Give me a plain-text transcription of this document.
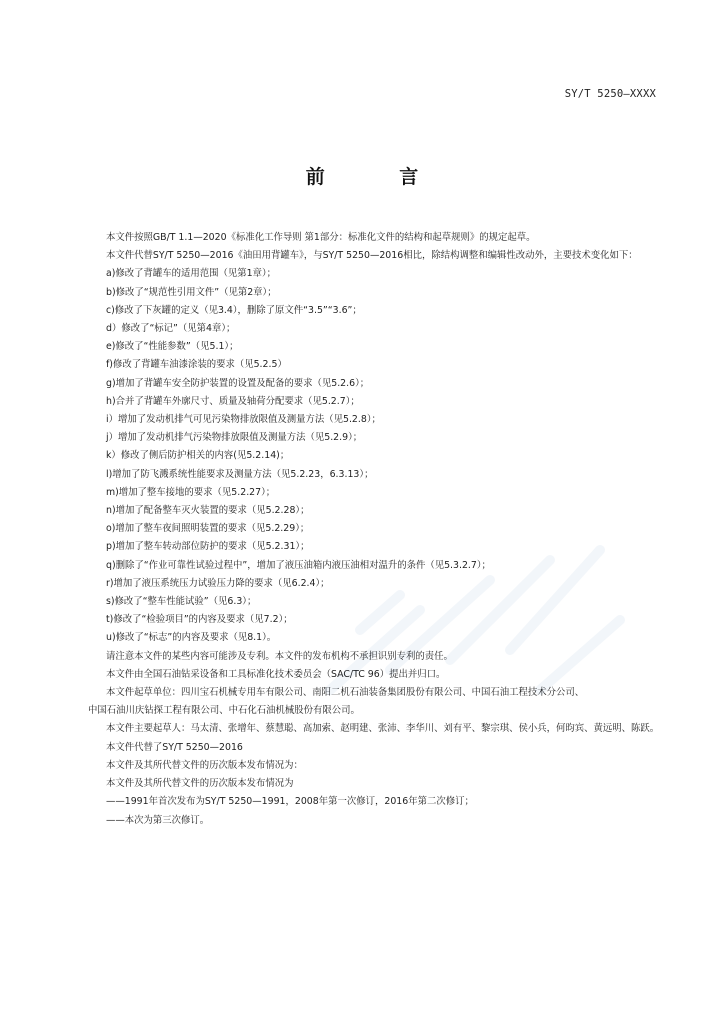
SY/T 5250—XXXX
前 言

本文件按照GB/T 1.1—2020《标准化工作导则 第1部分：标准化文件的结构和起草规则》的规定起草。

本文件代替SY/T 5250—2016《油田用背罐车》，与SY/T 5250—2016相比，除结构调整和编辑性改动外，主要技术变化如下：

a)修改了背罐车的适用范围（见第1章）；

b)修改了“规范性引用文件”（见第2章）；

c)修改了下灰罐的定义（见3.4），删除了原文件“3.5”“3.6”；

d）修改了“标记”（见第4章）；

e)修改了“性能参数”（见5.1）；

f)修改了背罐车油漆涂装的要求（见5.2.5）

g)增加了背罐车安全防护装置的设置及配备的要求（见5.2.6）；

h)合并了背罐车外廓尺寸、质量及轴荷分配要求（见5.2.7）；

i）增加了发动机排气可见污染物排放限值及测量方法（见5.2.8）；

j）增加了发动机排气污染物排放限值及测量方法（见5.2.9）；

k）修改了侧后防护相关的内容(见5.2.14)；

l)增加了防飞溅系统性能要求及测量方法（见5.2.23，6.3.13）；

m)增加了整车接地的要求（见5.2.27）；

n)增加了配备整车灭火装置的要求（见5.2.28）；

o)增加了整车夜间照明装置的要求（见5.2.29）；

p)增加了整车转动部位防护的要求（见5.2.31）；

q)删除了“作业可靠性试验过程中”，增加了液压油箱内液压油相对温升的条件（见5.3.2.7）；

r)增加了液压系统压力试验压力降的要求（见6.2.4）；

s)修改了“整车性能试验”（见6.3）；

t)修改了“检验项目”的内容及要求（见7.2）；

u)修改了“标志”的内容及要求（见8.1）。

请注意本文件的某些内容可能涉及专利。本文件的发布机构不承担识别专利的责任。

本文件由全国石油钻采设备和工具标准化技术委员会（SAC/TC 96）提出并归口。

本文件起草单位：四川宝石机械专用车有限公司、南阳二机石油装备集团股份有限公司、中国石油工程技术分公司、

中国石油川庆钻探工程有限公司、中石化石油机械股份有限公司。

本文件主要起草人：马太清、张增年、蔡慧聪、高加索、赵明建、张沛、李华川、刘有平、黎宗琪、侯小兵，何昀宾、黄远明、陈跃。

本文件代替了SY/T 5250—2016

本文件及其所代替文件的历次版本发布情况为：

本文件及其所代替文件的历次版本发布情况为

——1991年首次发布为SY/T 5250—1991，2008年第一次修订，2016年第二次修订；

——本次为第三次修订。
